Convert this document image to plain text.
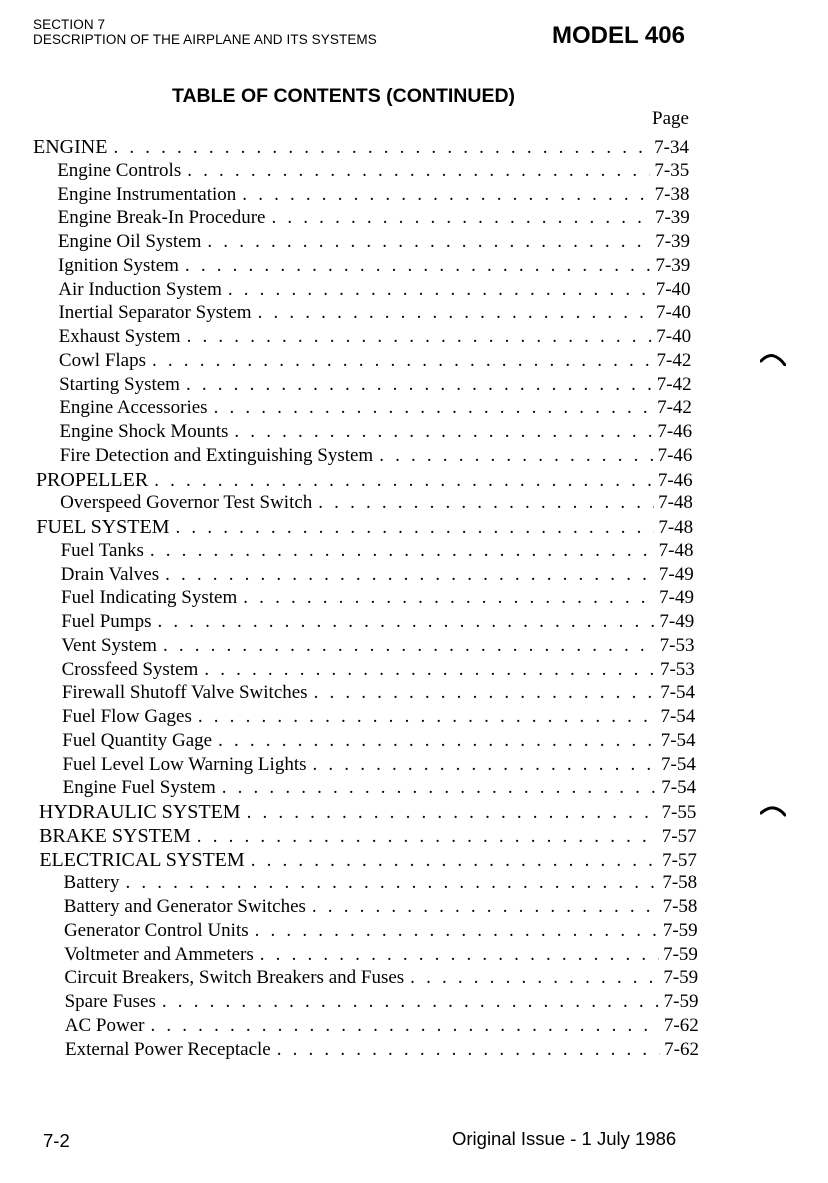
SECTION 7
DESCRIPTION OF THE AIRPLANE AND ITS SYSTEMS	MODEL 406
TABLE OF CONTENTS (CONTINUED)
Page
ENGINE . . .	7-34
Engine Controls . . .	7-35
Engine Instrumentation . . .	7-38
Engine Break-In Procedure . . .	7-39
Engine Oil System . . .	7-39
Ignition System . . .	7-39
Air Induction System . . .	7-40
Inertial Separator System . . .	7-40
Exhaust System . . .	7-40
Cowl Flaps . . .	7-42
Starting System . . .	7-42
Engine Accessories . . .	7-42
Engine Shock Mounts . . .	7-46
Fire Detection and Extinguishing System . . .	7-46
PROPELLER . . .	7-46
Overspeed Governor Test Switch . . .	7-48
FUEL SYSTEM . . .	7-48
Fuel Tanks . . .	7-48
Drain Valves . . .	7-49
Fuel Indicating System . . .	7-49
Fuel Pumps . . .	7-49
Vent System . . .	7-53
Crossfeed System . . .	7-53
Firewall Shutoff Valve Switches . . .	7-54
Fuel Flow Gages . . .	7-54
Fuel Quantity Gage . . .	7-54
Fuel Level Low Warning Lights . . .	7-54
Engine Fuel System . . .	7-54
HYDRAULIC SYSTEM . . .	7-55
BRAKE SYSTEM . . .	7-57
ELECTRICAL SYSTEM . . .	7-57
Battery . . .	7-58
Battery and Generator Switches . . .	7-58
Generator Control Units . . .	7-59
Voltmeter and Ammeters . . .	7-59
Circuit Breakers, Switch Breakers and Fuses . . .	7-59
Spare Fuses . . .	7-59
AC Power . . .	7-62
External Power Receptacle . . .	7-62
7-2	Original Issue - 1 July 1986
